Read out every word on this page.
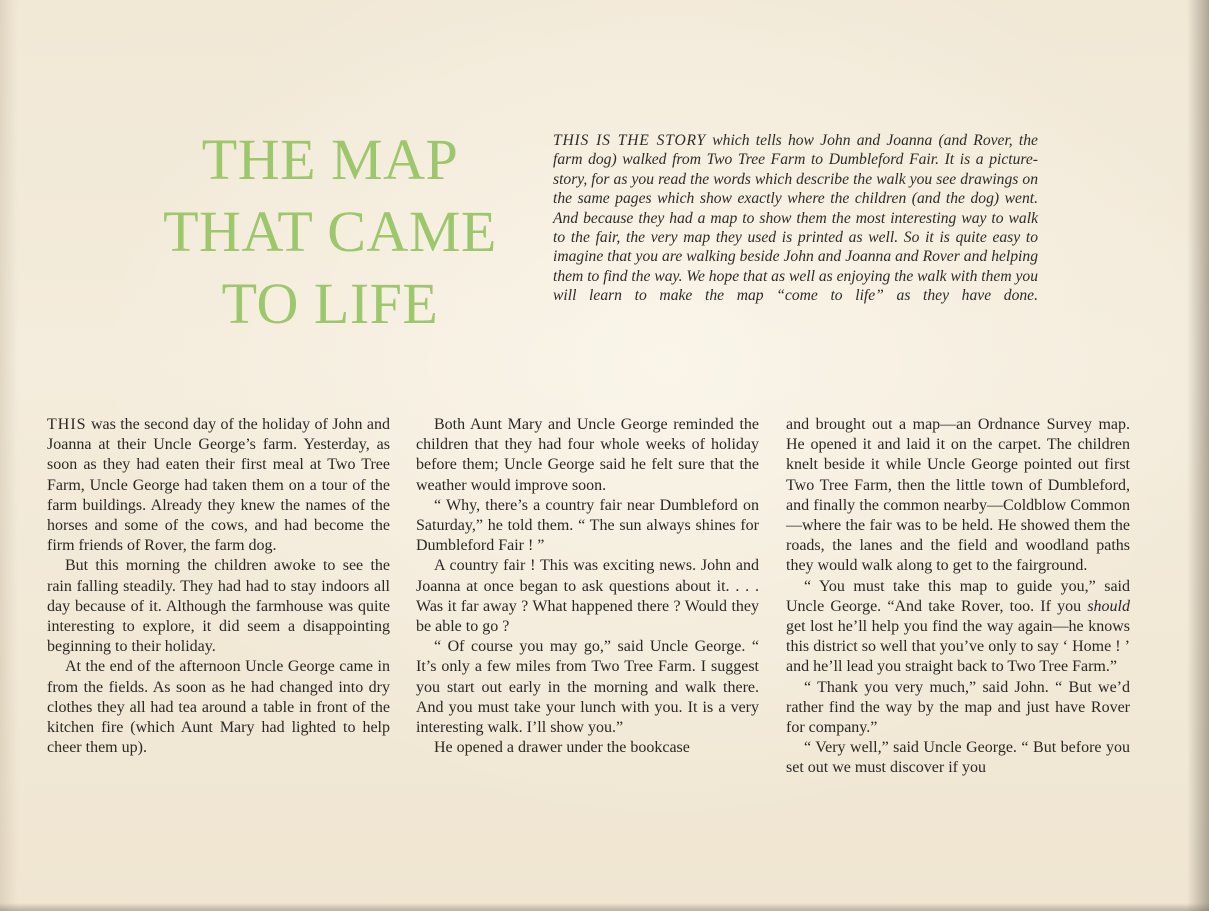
THE MAP
THAT CAME
TO LIFE
THIS IS THE STORY which tells how John and Joanna (and Rover, the farm dog) walked from Two Tree Farm to Dumbleford Fair. It is a picture-story, for as you read the words which describe the walk you see drawings on the same pages which show exactly where the children (and the dog) went. And because they had a map to show them the most interesting way to walk to the fair, the very map they used is printed as well. So it is quite easy to imagine that you are walking beside John and Joanna and Rover and helping them to find the way. We hope that as well as enjoying the walk with them you will learn to make the map “come to life” as they have done.

THIS was the second day of the holiday of John and Joanna at their Uncle George’s farm. Yesterday, as soon as they had eaten their first meal at Two Tree Farm, Uncle George had taken them on a tour of the farm buildings. Already they knew the names of the horses and some of the cows, and had become the firm friends of Rover, the farm dog.

But this morning the children awoke to see the rain falling steadily. They had had to stay indoors all day because of it. Although the farmhouse was quite interesting to explore, it did seem a disappointing beginning to their holiday.

At the end of the afternoon Uncle George came in from the fields. As soon as he had changed into dry clothes they all had tea around a table in front of the kitchen fire (which Aunt Mary had lighted to help cheer them up).

Both Aunt Mary and Uncle George reminded the children that they had four whole weeks of holiday before them; Uncle George said he felt sure that the weather would improve soon.

“ Why, there’s a country fair near Dumbleford on Saturday,” he told them. “ The sun always shines for Dumbleford Fair ! ”

A country fair ! This was exciting news. John and Joanna at once began to ask questions about it. . . . Was it far away ? What happened there ? Would they be able to go ?

“ Of course you may go,” said Uncle George. “ It’s only a few miles from Two Tree Farm. I suggest you start out early in the morning and walk there. And you must take your lunch with you. It is a very interesting walk. I’ll show you.”

He opened a drawer under the bookcase

and brought out a map—an Ordnance Survey map. He opened it and laid it on the carpet. The children knelt beside it while Uncle George pointed out first Two Tree Farm, then the little town of Dumbleford, and finally the common nearby—Coldblow Common—where the fair was to be held. He showed them the roads, the lanes and the field and woodland paths they would walk along to get to the fairground.

“ You must take this map to guide you,” said Uncle George. “And take Rover, too. If you should get lost he’ll help you find the way again—he knows this district so well that you’ve only to say ‘ Home ! ’ and he’ll lead you straight back to Two Tree Farm.”

“ Thank you very much,” said John. “ But we’d rather find the way by the map and just have Rover for company.”

“ Very well,” said Uncle George. “ But before you set out we must discover if you
